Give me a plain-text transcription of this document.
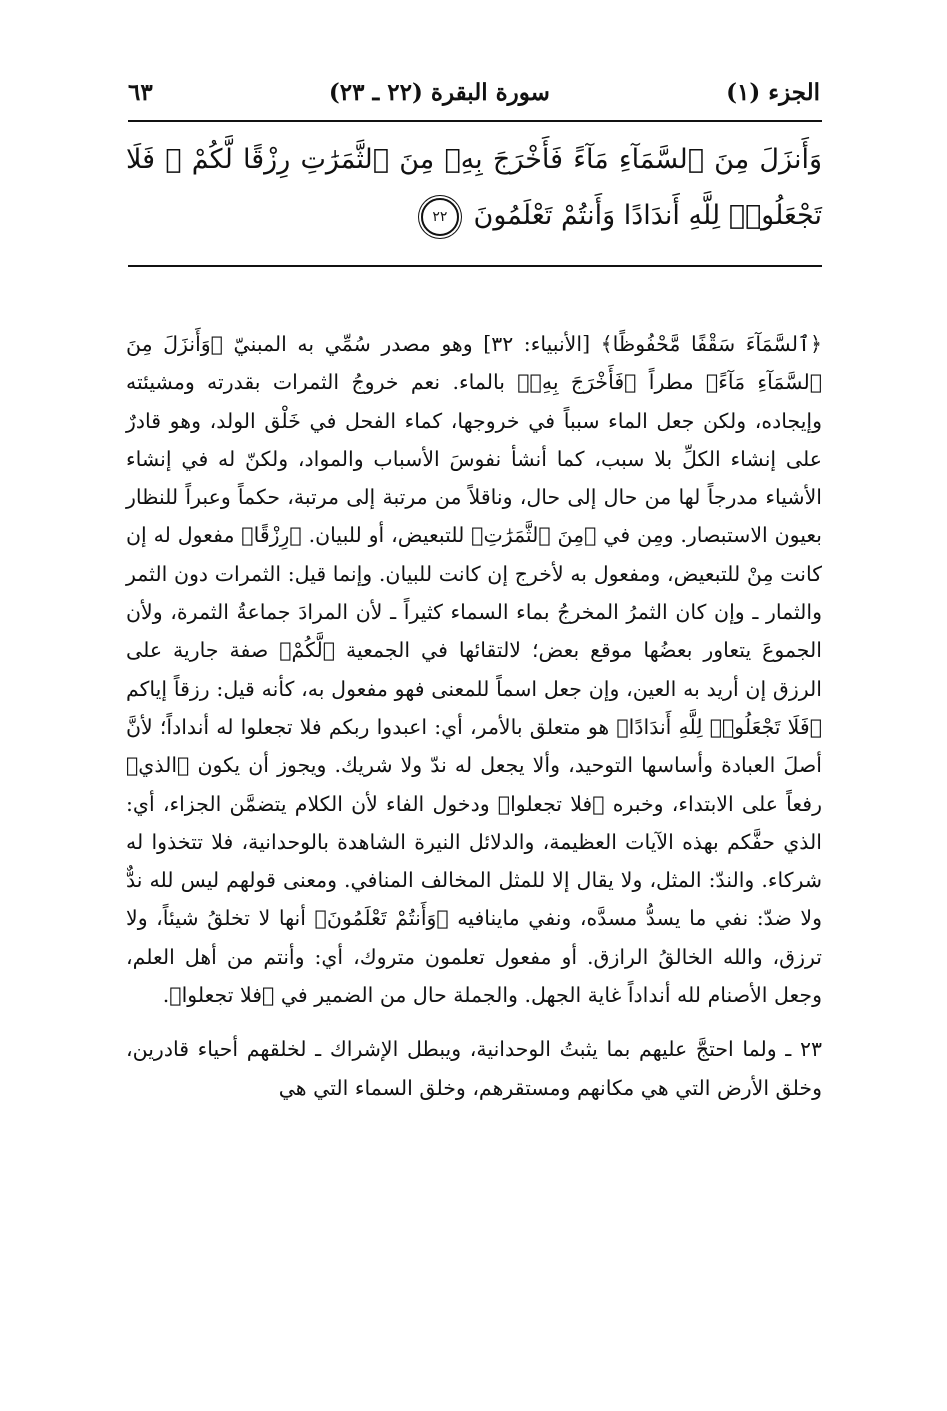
الجزء (١)
سورة البقرة (٢٢ ـ ٢٣)
٦٣
وَأَنزَلَ مِنَ ٱلسَّمَآءِ مَآءً فَأَخْرَجَ بِهِۦ مِنَ ٱلثَّمَرَٰتِ رِزْقًا لَّكُمْ ۖ فَلَا تَجْعَلُوا۟ لِلَّهِ أَندَادًا وَأَنتُمْ تَعْلَمُونَ ٢٢

﴿ٱلسَّمَآءَ سَقْفًا مَّحْفُوظًا﴾ [الأنبياء: ٣٢] وهو مصدر سُمِّي به المبنيّ ﴿وَأَنزَلَ مِنَ ٱلسَّمَآءِ مَآءً﴾ مطراً ﴿فَأَخْرَجَ بِهِۦ﴾ بالماء. نعم خروجُ الثمرات بقدرته ومشيئته وإيجاده، ولكن جعل الماء سبباً في خروجها، كماء الفحل في خَلْق الولد، وهو قادرٌ على إنشاء الكلِّ بلا سبب، كما أنشأ نفوسَ الأسباب والمواد، ولكنّ له في إنشاء الأشياء مدرجاً لها من حال إلى حال، وناقلاً من مرتبة إلى مرتبة، حكماً وعبراً للنظار بعيون الاستبصار. ومِن في ﴿مِنَ ٱلثَّمَرَٰتِ﴾ للتبعيض، أو للبيان. ﴿رِزْقًا﴾ مفعول له إن كانت مِنْ للتبعيض، ومفعول به لأخرج إن كانت للبيان. وإنما قيل: الثمرات دون الثمر والثمار ـ وإن كان الثمرُ المخرجُ بماء السماء كثيراً ـ لأن المرادَ جماعةُ الثمرة، ولأن الجموعَ يتعاور بعضُها موقع بعض؛ لالتقائها في الجمعية ﴿لَّكُمْ﴾ صفة جارية على الرزق إن أريد به العين، وإن جعل اسماً للمعنى فهو مفعول به، كأنه قيل: رزقاً إياكم ﴿فَلَا تَجْعَلُوا۟ لِلَّهِ أَندَادًا﴾ هو متعلق بالأمر، أي: اعبدوا ربكم فلا تجعلوا له أنداداً؛ لأنَّ أصلَ العبادة وأساسها التوحيد، وألا يجعل له ندّ ولا شريك. ويجوز أن يكون ﴿الذي﴾ رفعاً على الابتداء، وخبره ﴿فلا تجعلوا﴾ ودخول الفاء لأن الكلام يتضمَّن الجزاء، أي: الذي حفَّكم بهذه الآيات العظيمة، والدلائل النيرة الشاهدة بالوحدانية، فلا تتخذوا له شركاء. والندّ: المثل، ولا يقال إلا للمثل المخالف المنافي. ومعنى قولهم ليس لله ندٌّ ولا ضدّ: نفي ما يسدُّ مسدَّه، ونفي ماينافيه ﴿وَأَنتُمْ تَعْلَمُونَ﴾ أنها لا تخلقُ شيئاً، ولا ترزق، والله الخالقُ الرازق. أو مفعول تعلمون متروك، أي: وأنتم من أهل العلم، وجعل الأصنام لله أنداداً غاية الجهل. والجملة حال من الضمير في ﴿فلا تجعلوا﴾.

٢٣ ـ ولما احتجَّ عليهم بما يثبتُ الوحدانية، ويبطل الإشراك ـ لخلقهم أحياء قادرين، وخلق الأرض التي هي مكانهم ومستقرهم، وخلق السماء التي هي
